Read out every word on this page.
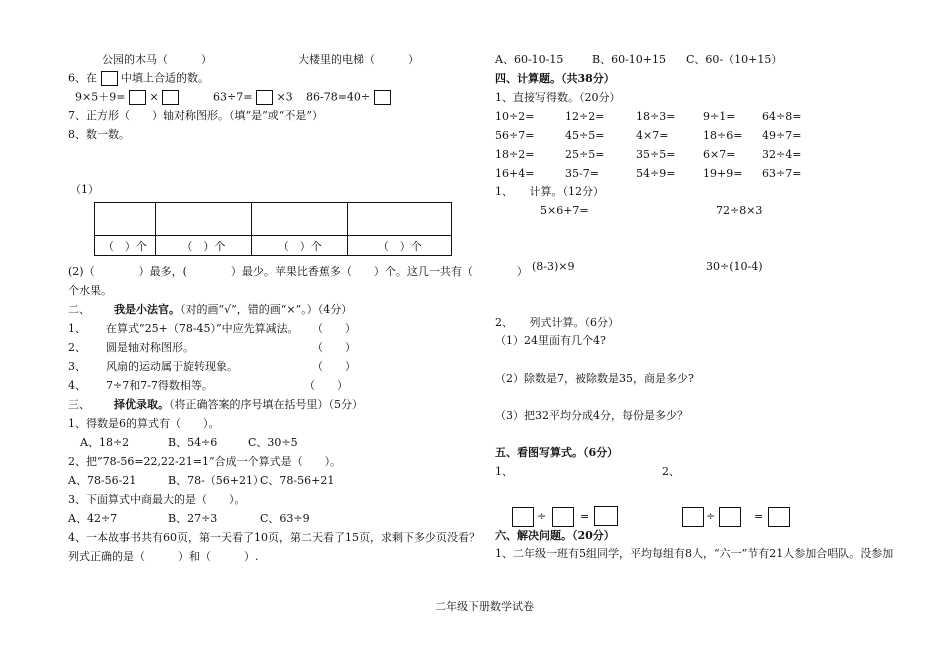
公园的木马（　　　）	大楼里的电梯（　　　）
6、在 中填上合适的数。
9×5＋9= ×	63÷7= ×3 86-78=40÷
7、正方形（　　）轴对称图形。（填“是”或“不是”）
8、数一数。
（1）

（　）个	（　）个	（　）个	（　）个
(2)（　　　　）最多，(　　　　）最少。苹果比香蕉多（　　）个。这几一共有（　　　　）
个水果。
二、 我是小法官。（对的画“√”，错的画“×”。）（4分）
1、 在算式“25+（78-45）”中应先算减法。 （　　）
2、 圆是轴对称图形。	（　　）
3、 风扇的运动属于旋转现象。	（　　）
4、 7÷7和7-7得数相等。	（　　）
三、 择优录取。（将正确答案的序号填在括号里）（5分）
1、得数是6的算式有（　　）。
A、18÷2	B、54÷6	C、30÷5
2、把“78-56=22,22-21=1”合成一个算式是（　　）。
A、78-56-21	B、78-（56+21）
C、78-56+21
3、下面算式中商最大的是（　　）。
A、42÷7	B、27÷3	C、63÷9
4、一本故事书共有60页，第一天看了10页，第二天看了15页，求剩下多少页没看？
列式正确的是（　　　）和（　　　）.
A、60-10-15	B、60-10+15 C、60-（10+15）
四、计算题。（共38分）
1、直接写得数。（20分）
10÷2=	12÷2=	18÷3=	9÷1= 64÷8=
56÷7=	45÷5=	4×7=	18÷6= 49÷7=
18÷2=	25÷5=	35÷5=	6×7= 32÷4=
16+4=	35-7=	54÷9=	19+9= 63÷7=
1、　　计算。（12分）
5×6+7=	72÷8×3
(8-3)×9	30÷(10-4)
2、　　列式计算。（6分）
（1）24里面有几个4?
（2）除数是7，被除数是35，商是多少?
（3）把32平均分成4分，每份是多少？
五、看图写算式。（6分）
1、	2、
÷	=	÷	=
六、解决问题。（20分）
1、二年级一班有5组同学，平均每组有8人，“六一”节有21人参加合唱队。没参加
二年级下册数学试卷
